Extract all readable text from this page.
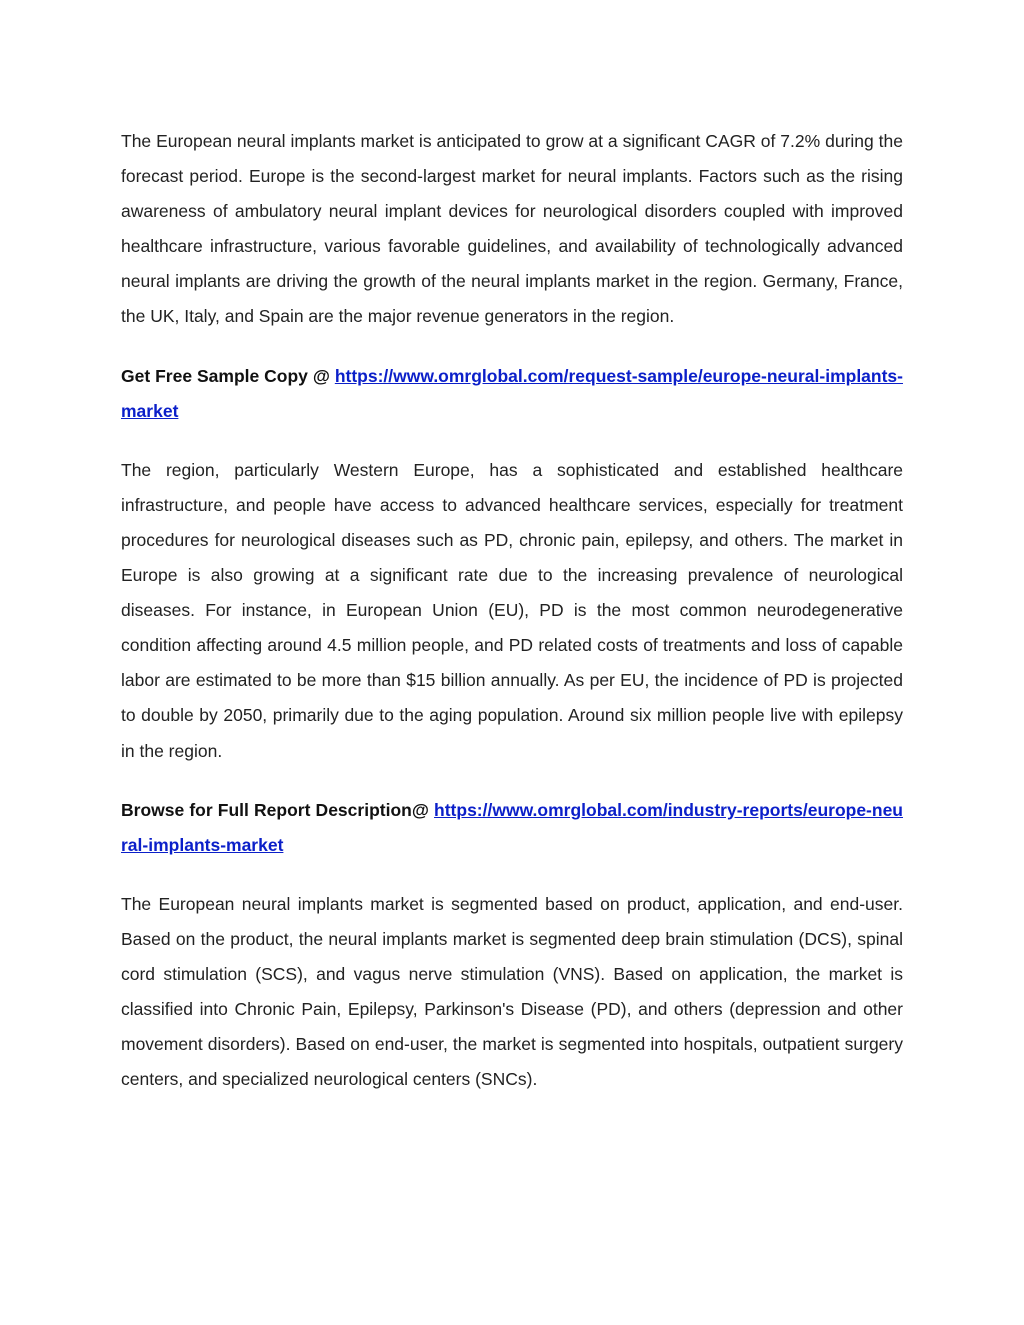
The European neural implants market is anticipated to grow at a significant CAGR of 7.2% during the forecast period. Europe is the second-largest market for neural implants. Factors such as the rising awareness of ambulatory neural implant devices for neurological disorders coupled with improved healthcare infrastructure, various favorable guidelines, and availability of technologically advanced neural implants are driving the growth of the neural implants market in the region. Germany, France, the UK, Italy, and Spain are the major revenue generators in the region.

Get Free Sample Copy @ https://www.omrglobal.com/request-sample/europe-neural-implants-market

The region, particularly Western Europe, has a sophisticated and established healthcare infrastructure, and people have access to advanced healthcare services, especially for treatment procedures for neurological diseases such as PD, chronic pain, epilepsy, and others. The market in Europe is also growing at a significant rate due to the increasing prevalence of neurological diseases. For instance, in European Union (EU), PD is the most common neurodegenerative condition affecting around 4.5 million people, and PD related costs of treatments and loss of capable labor are estimated to be more than $15 billion annually. As per EU, the incidence of PD is projected to double by 2050, primarily due to the aging population. Around six million people live with epilepsy in the region.

Browse for Full Report Description@ https://www.omrglobal.com/industry-reports/europe-neural-implants-market

The European neural implants market is segmented based on product, application, and end-user. Based on the product, the neural implants market is segmented deep brain stimulation (DCS), spinal cord stimulation (SCS), and vagus nerve stimulation (VNS). Based on application, the market is classified into Chronic Pain, Epilepsy, Parkinson's Disease (PD), and others (depression and other movement disorders). Based on end-user, the market is segmented into hospitals, outpatient surgery centers, and specialized neurological centers (SNCs).
